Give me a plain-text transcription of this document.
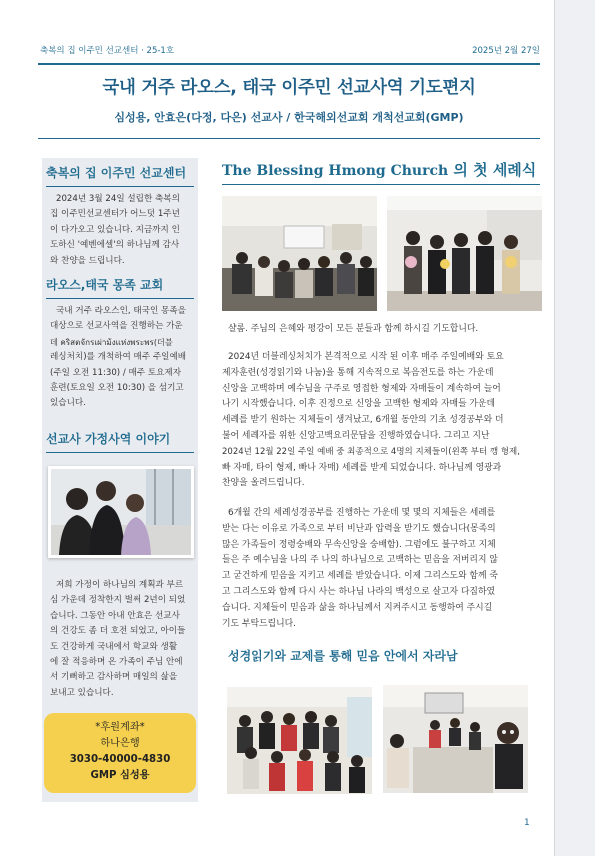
축복의 집 이주민 선교센터 · 25-1호	2025년 2월 27일
국내 거주 라오스, 태국 이주민 선교사역 기도편지
심성용, 안효은(다정, 다은) 선교사 / 한국해외선교회 개척선교회(GMP)
축복의 집 이주민 선교센터
2024년 3월 24일 설립한 축복의
집 이주민선교센터가 어느덧 1주년
이 다가오고 있습니다. 지금까지 인
도하신 '예벤에셀'의 하나님께 감사
와 찬양을 드립니다.
라오스,태국 몽족 교회
국내 거주 라오스인, 태국인 몽족을
대상으로 선교사역을 진행하는 가운
데 คริสตจักรเผ่าม้งแห่งพระพร(더블
레싱처치)를 개척하여 매주 주일예배
(주일 오전 11:30) / 매주 토요제자
훈련(토요일 오전 10:30) 을 섬기고
있습니다.
선교사 가정사역 이야기
저희 가정이 하나님의 계획과 부르
심 가운데 정착한지 벌써 2년이 되었
습니다. 그동안 아내 안효은 선교사
의 건강도 좀 더 호전 되었고, 아이들
도 건강하게 국내에서 학교와 생활
에 잘 적응하며 온 가족이 주님 안에
서 기뻐하고 감사하며 매일의 삶을
보내고 있습니다.
*후원계좌*
하나은행
3030-40000-4830
GMP 심성용
The Blessing Hmong Church 의 첫 세례식
샬롬. 주님의 은혜와 평강이 모든 분들과 함께 하시길 기도합니다.
2024년 더블레싱처치가 본격적으로 시작 된 이후 매주 주일예배와 토요
제자훈련(성경읽기와 나눔)을 통해 지속적으로 복음전도를 하는 가운데
신앙을 고백하며 예수님을 구주로 영접한 형제와 자매들이 계속하여 늘어
나기 시작했습니다. 이후 진정으로 신앙을 고백한 형제와 자매들 가운데
세례를 받기 원하는 지체들이 생겨났고, 6개월 동안의 기초 성경공부와 더
불어 세례자를 위한 신앙고백요리문답을 진행하였습니다. 그리고 지난
2024년 12월 22일 주일 예배 중 최종적으로 4명의 지체들이(왼쪽 부터 깽 형제,
빠 자매, 타이 형제, 빠나 자매) 세례를 받게 되었습니다. 하나님께 영광과
찬양을 올려드립니다.
6개월 간의 세례성경공부를 진행하는 가운데 몇 몇의 지체들은 세례를
받는 다는 이유로 가족으로 부터 비난과 압력을 받기도 했습니다(몽족의
많은 가족들이 정령숭배와 무속신앙을 숭배함). 그럼에도 불구하고 지체
들은 주 예수님을 나의 주 나의 하나님으로 고백하는 믿음을 저버리지 않
고 굳건하게 믿음을 지키고 세례를 받았습니다. 이제 그리스도와 함께 죽
고 그리스도와 함께 다시 사는 하나님 나라의 백성으로 살고자 다짐하였
습니다. 지체들이 믿음과 삶을 하나님께서 지켜주시고 동행하여 주시길
기도 부탁드립니다.
성경읽기와 교제를 통해 믿음 안에서 자라남
1
